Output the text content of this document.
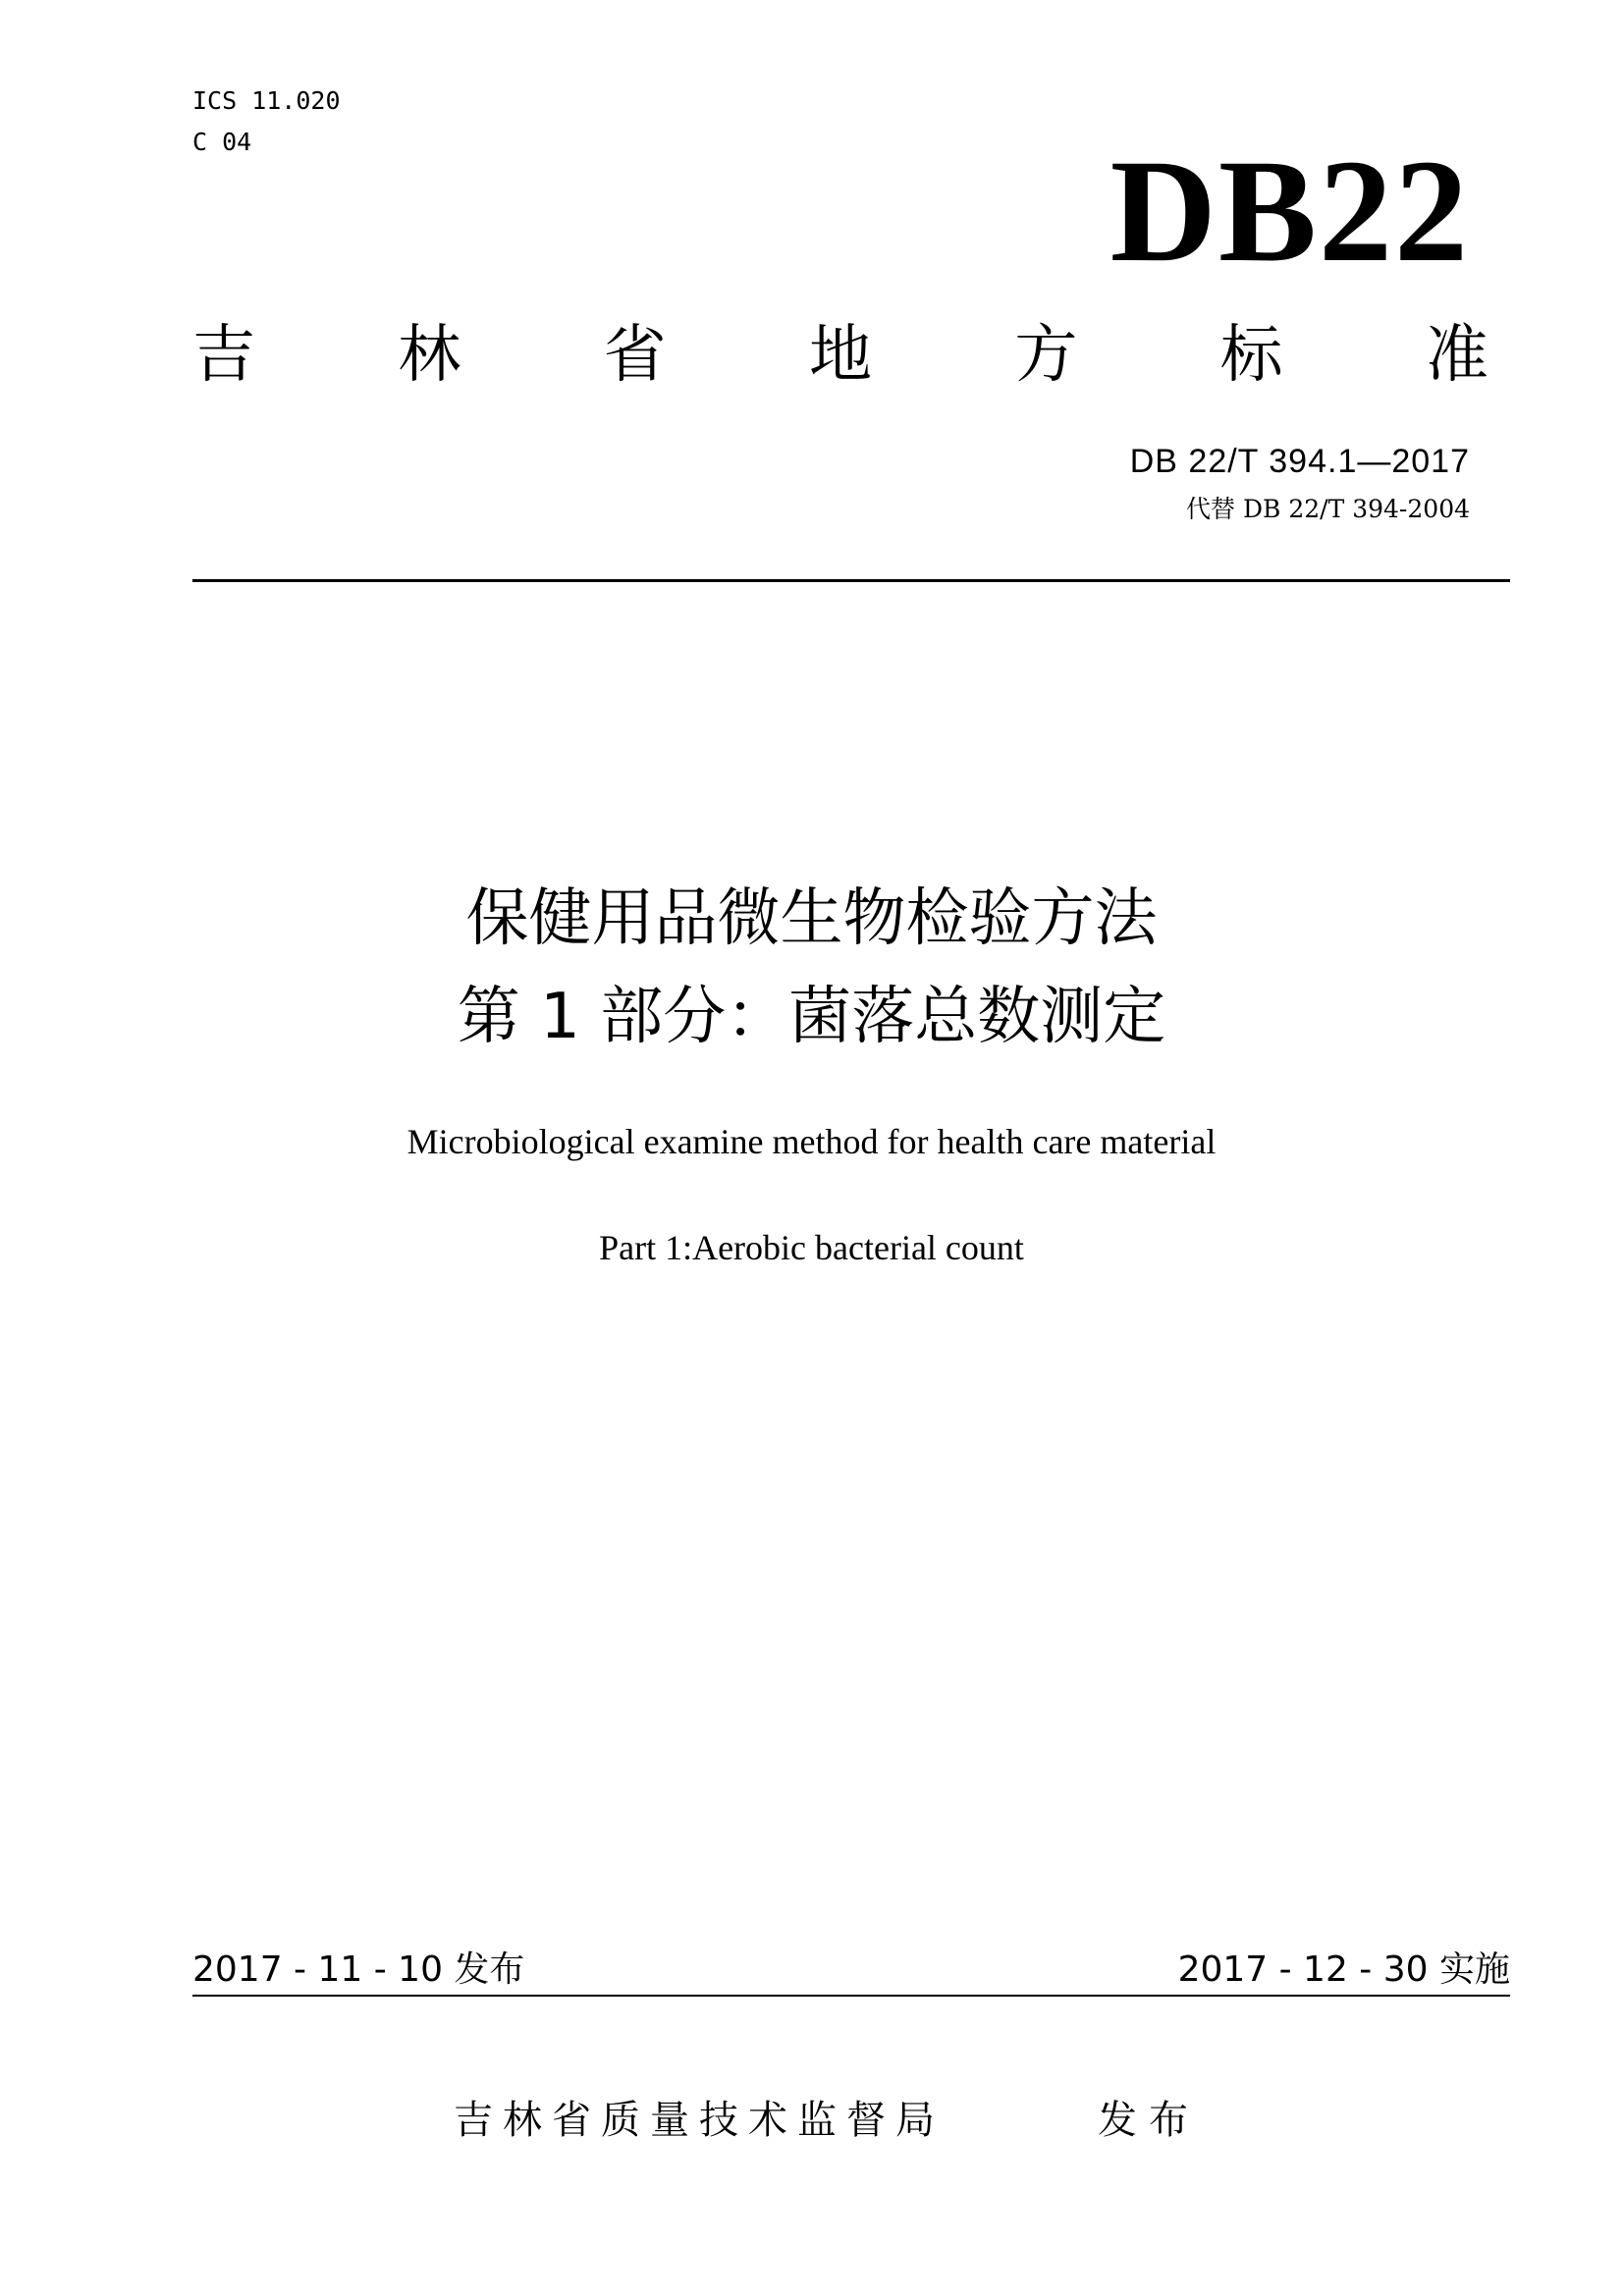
ICS 11.020
C 04	DB22
吉 林 省 地 方 标 准
DB 22/T 394.1—2017
代替 DB 22/T 394-2004
保健用品微生物检验方法
第 1 部分：菌落总数测定
Microbiological examine method for health care material
Part 1:Aerobic bacterial count
2017 - 11 - 10 发布	2017 - 12 - 30 实施
吉林省质量技术监督局	发布
